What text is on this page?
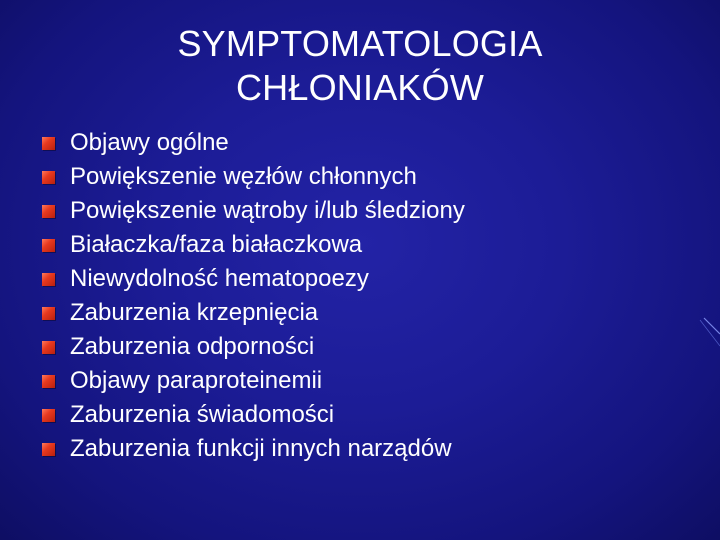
SYMPTOMATOLOGIA
CHŁONIAKÓW
Objawy ogólne
Powiększenie węzłów chłonnych
Powiększenie wątroby i/lub śledziony
Białaczka/faza białaczkowa
Niewydolność hematopoezy
Zaburzenia krzepnięcia
Zaburzenia odporności
Objawy paraproteinemii
Zaburzenia świadomości
Zaburzenia funkcji innych narządów
